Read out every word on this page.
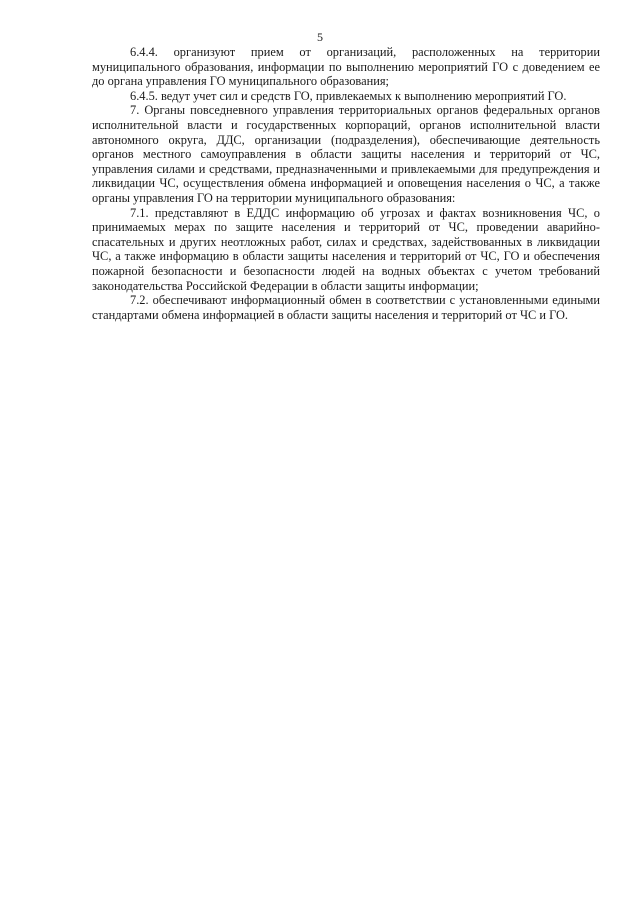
5

6.4.4. организуют прием от организаций, расположенных на территории муниципального образования, информации по выполнению мероприятий ГО с доведением ее до органа управления ГО муниципального образования;

6.4.5. ведут учет сил и средств ГО, привлекаемых к выполнению мероприятий ГО.

7. Органы повседневного управления территориальных органов федеральных органов исполнительной власти и государственных корпораций, органов исполнительной власти автономного округа, ДДС, организации (подразделения), обеспечивающие деятельность органов местного самоуправления в области защиты населения и территорий от ЧС, управления силами и средствами, предназначенными и привлекаемыми для предупреждения и ликвидации ЧС, осуществления обмена информацией и оповещения населения о ЧС, а также органы управления ГО на территории муниципального образования:

7.1. представляют в ЕДДС информацию об угрозах и фактах возникновения ЧС, о принимаемых мерах по защите населения и территорий от ЧС, проведении аварийно-спасательных и других неотложных работ, силах и средствах, задействованных в ликвидации ЧС, а также информацию в области защиты населения и территорий от ЧС, ГО и обеспечения пожарной безопасности и безопасности людей на водных объектах с учетом требований законодательства Российской Федерации в области защиты информации;

7.2. обеспечивают информационный обмен в соответствии с установленными едиными стандартами обмена информацией в области защиты населения и территорий от ЧС и ГО.
